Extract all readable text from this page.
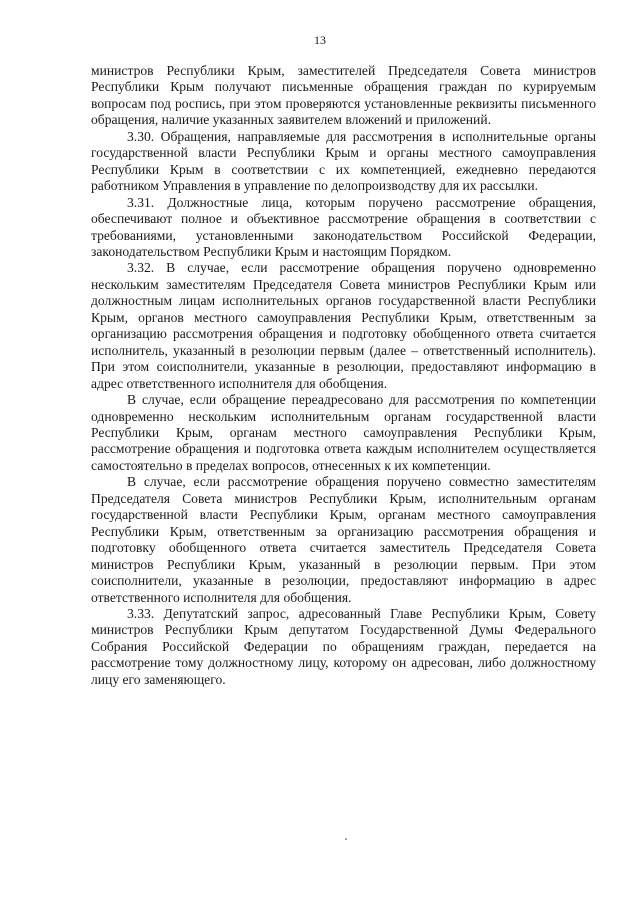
13

министров Республики Крым, заместителей Председателя Совета министров Республики Крым получают письменные обращения граждан по курируемым вопросам под роспись, при этом проверяются установленные реквизиты письменного обращения, наличие указанных заявителем вложений и приложений.

3.30. Обращения, направляемые для рассмотрения в исполнительные органы государственной власти Республики Крым и органы местного самоуправления Республики Крым в соответствии с их компетенцией, ежедневно передаются работником Управления в управление по делопроизводству для их рассылки.

3.31. Должностные лица, которым поручено рассмотрение обращения, обеспечивают полное и объективное рассмотрение обращения в соответствии с требованиями, установленными законодательством Российской Федерации, законодательством Республики Крым и настоящим Порядком.

3.32. В случае, если рассмотрение обращения поручено одновременно нескольким заместителям Председателя Совета министров Республики Крым или должностным лицам исполнительных органов государственной власти Республики Крым, органов местного самоуправления Республики Крым, ответственным за организацию рассмотрения обращения и подготовку обобщенного ответа считается исполнитель, указанный в резолюции первым (далее – ответственный исполнитель). При этом соисполнители, указанные в резолюции, предоставляют информацию в адрес ответственного исполнителя для обобщения.

В случае, если обращение переадресовано для рассмотрения по компетенции одновременно нескольким исполнительным органам государственной власти Республики Крым, органам местного самоуправления Республики Крым, рассмотрение обращения и подготовка ответа каждым исполнителем осуществляется самостоятельно в пределах вопросов, отнесенных к их компетенции.

В случае, если рассмотрение обращения поручено совместно заместителям Председателя Совета министров Республики Крым, исполнительным органам государственной власти Республики Крым, органам местного самоуправления Республики Крым, ответственным за организацию рассмотрения обращения и подготовку обобщенного ответа считается заместитель Председателя Совета министров Республики Крым, указанный в резолюции первым. При этом соисполнители, указанные в резолюции, предоставляют информацию в адрес ответственного исполнителя для обобщения.

3.33. Депутатский запрос, адресованный Главе Республики Крым, Совету министров Республики Крым депутатом Государственной Думы Федерального Собрания Российской Федерации по обращениям граждан, передается на рассмотрение тому должностному лицу, которому он адресован, либо должностному лицу его заменяющего.
